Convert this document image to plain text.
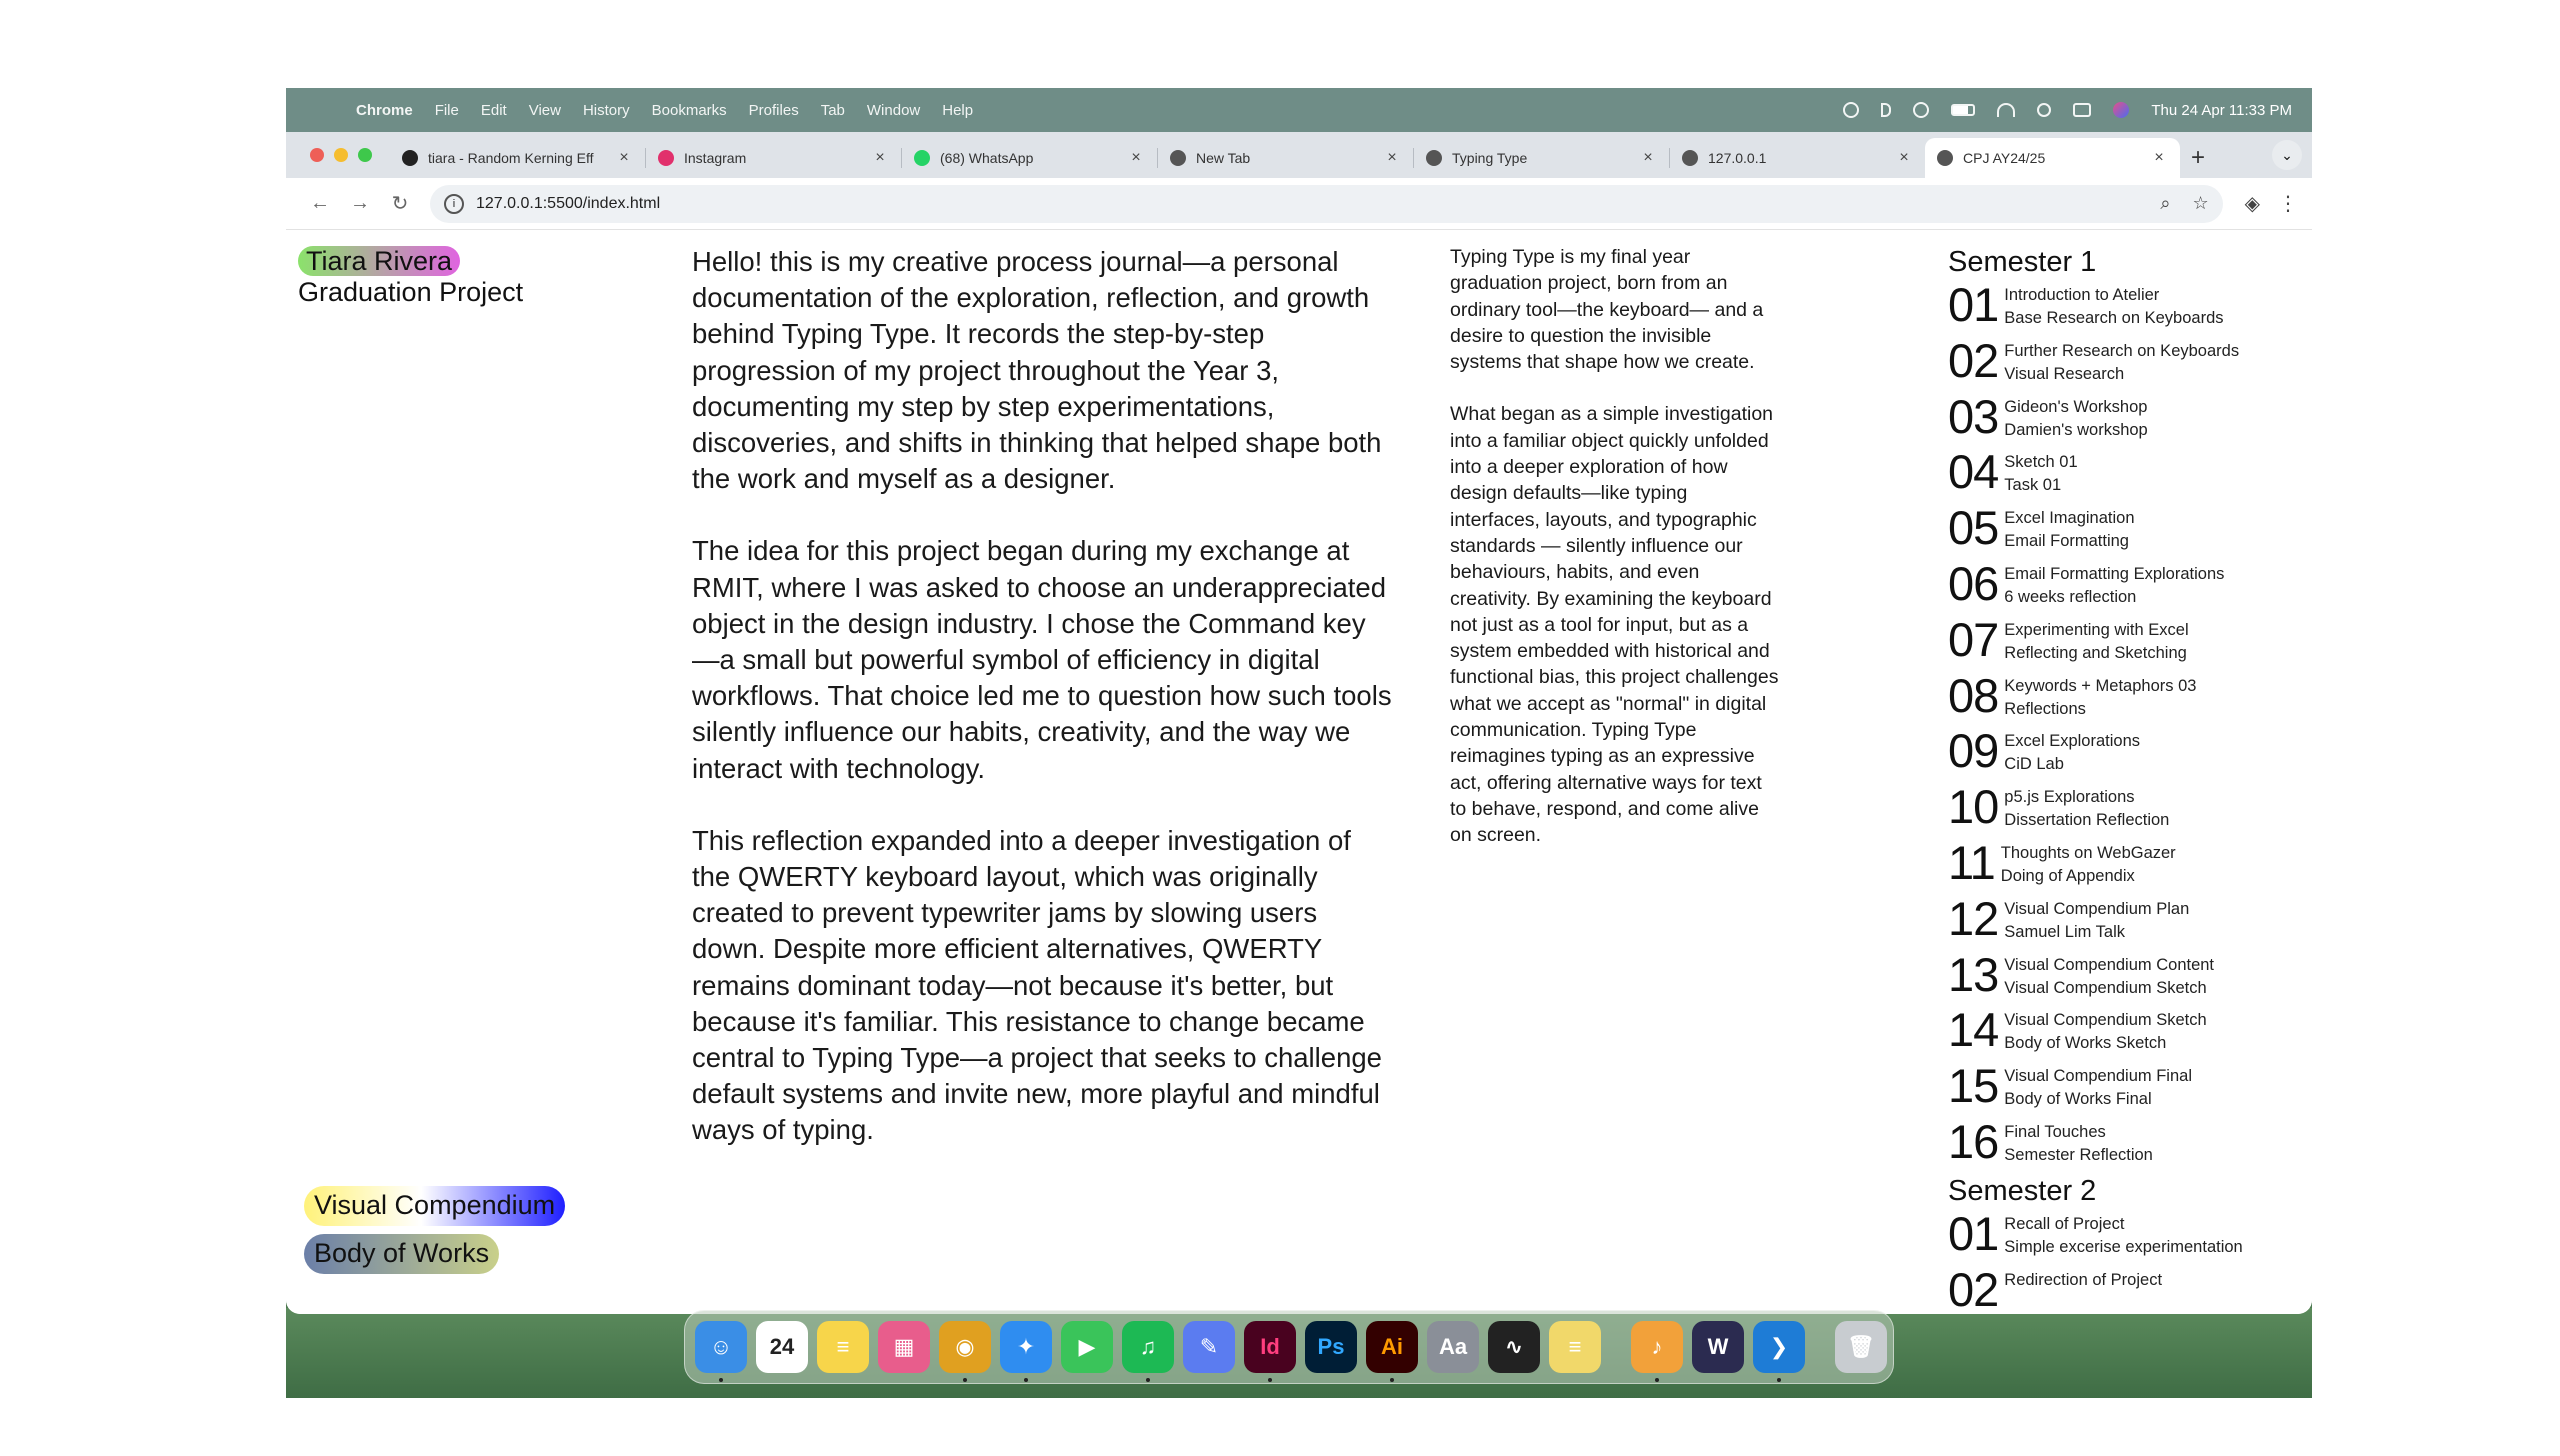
Chrome File Edit View History Bookmarks Profiles Tab Window Help	Thu 24 Apr 11:33 PM
tiara - Random Kerning Eff	×	Instagram	×	(68) WhatsApp	×	New Tab	×	Typing Type	×	127.0.0.1	×	CPJ AY24/25	×	+	⌄
← → ↻	i	127.0.0.1:5500/index.html	⌕ ☆ ◈ ⋮
Tiara Rivera
Graduation Project

Hello! this is my creative process journal—a personal documentation of the exploration, reflection, and growth behind Typing Type. It records the step-by-step progression of my project throughout the Year 3, documenting my step by step experimentations, discoveries, and shifts in thinking that helped shape both the work and myself as a designer.

The idea for this project began during my exchange at RMIT, where I was asked to choose an underappreciated object in the design industry. I chose the Command key—a small but powerful symbol of efficiency in digital workflows. That choice led me to question how such tools silently influence our habits, creativity, and the way we interact with technology.

This reflection expanded into a deeper investigation of the QWERTY keyboard layout, which was originally created to prevent typewriter jams by slowing users down. Despite more efficient alternatives, QWERTY remains dominant today—not because it's better, but because it's familiar. This resistance to change became central to Typing Type—a project that seeks to challenge default systems and invite new, more playful and mindful ways of typing.

Typing Type is my final year graduation project, born from an ordinary tool—the keyboard— and a desire to question the invisible systems that shape how we create.

What began as a simple investigation into a familiar object quickly unfolded into a deeper exploration of how design defaults—like typing interfaces, layouts, and typographic standards — silently influence our behaviours, habits, and even creativity. By examining the keyboard not just as a tool for input, but as a system embedded with historical and functional bias, this project challenges what we accept as "normal" in digital communication. Typing Type reimagines typing as an expressive act, offering alternative ways for text to behave, respond, and come alive on screen.

Semester 1
01 Introduction to Atelier
Base Research on Keyboards
02 Further Research on Keyboards
Visual Research
03 Gideon's Workshop
Damien's workshop
04 Sketch 01
Task 01
05 Excel Imagination
Email Formatting
06 Email Formatting Explorations
6 weeks reflection
07 Experimenting with Excel
Reflecting and Sketching
08 Keywords + Metaphors 03
Reflections
09 Excel Explorations
CiD Lab
10 p5.js Explorations
Dissertation Reflection
11 Thoughts on WebGazer
Doing of Appendix
12 Visual Compendium Plan
Samuel Lim Talk
13 Visual Compendium Content
Visual Compendium Sketch
14 Visual Compendium Sketch
Body of Works Sketch
15 Visual Compendium Final
Body of Works Final
16 Final Touches
Semester Reflection
Semester 2
01 Recall of Project
Simple excerise experimentation
02 Redirection of Project
Visual Compendium
Body of Works
☺ 24 ≡ ▦ ◉ ✦ ▶ ♫ ✎ Id Ps Ai Aa ∿ ≡	♪ W ❯	🗑
